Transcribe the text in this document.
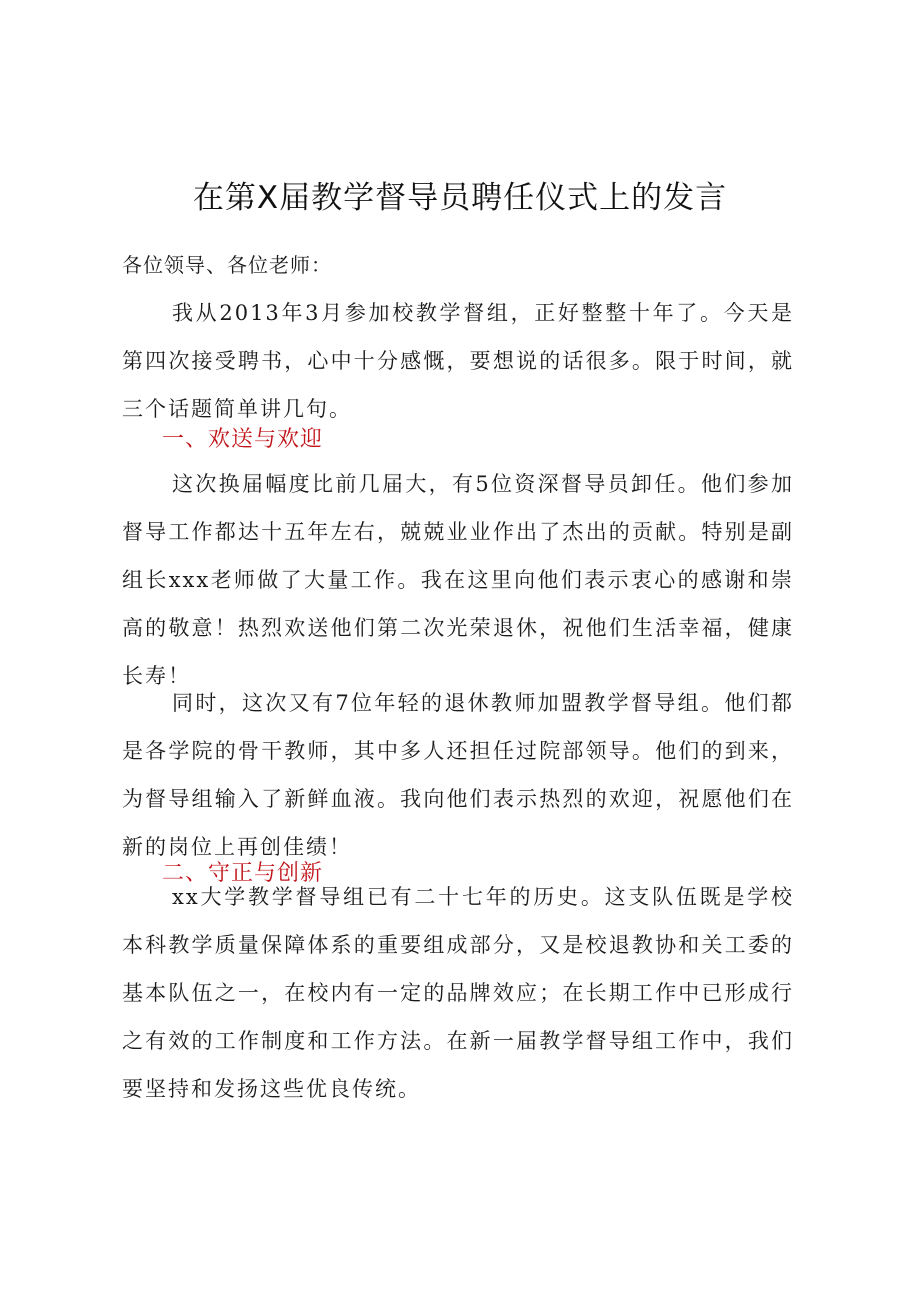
在第X届教学督导员聘任仪式上的发言

各位领导、各位老师：

我从2013年3月参加校教学督组，正好整整十年了。今天是第四次接受聘书，心中十分感慨，要想说的话很多。限于时间，就三个话题简单讲几句。

一、欢送与欢迎

这次换届幅度比前几届大，有5位资深督导员卸任。他们参加督导工作都达十五年左右，兢兢业业作出了杰出的贡献。特别是副组长xxx老师做了大量工作。我在这里向他们表示衷心的感谢和崇高的敬意！热烈欢送他们第二次光荣退休，祝他们生活幸福，健康长寿！

同时，这次又有7位年轻的退休教师加盟教学督导组。他们都是各学院的骨干教师，其中多人还担任过院部领导。他们的到来，为督导组输入了新鲜血液。我向他们表示热烈的欢迎，祝愿他们在新的岗位上再创佳绩！

二、守正与创新

xx大学教学督导组已有二十七年的历史。这支队伍既是学校本科教学质量保障体系的重要组成部分，又是校退教协和关工委的基本队伍之一，在校内有一定的品牌效应；在长期工作中已形成行之有效的工作制度和工作方法。在新一届教学督导组工作中，我们要坚持和发扬这些优良传统。
